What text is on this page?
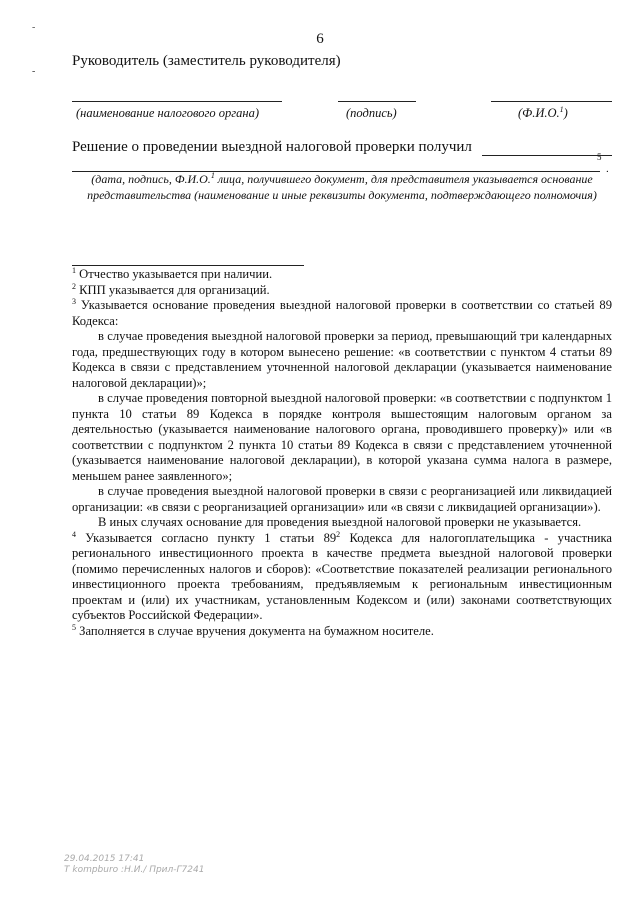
6
-
-
Руководитель (заместитель руководителя)
(наименование налогового органа)	(подпись)	(Ф.И.О.$^1$)
Решение о проведении выездной налоговой проверки получил
5
.
(дата, подпись, Ф.И.О.$^1$ лица, получившего документ, для представителя указывается основание представительства (наименование и иные реквизиты документа, подтверждающего полномочия)

$^1$ Отчество указывается при наличии.

$^2$ КПП указывается для организаций.

$^3$ Указывается основание проведения выездной налоговой проверки в соответствии со статьей 89 Кодекса:

в случае проведения выездной налоговой проверки за период, превышающий три календарных года, предшествующих году в котором вынесено решение: «в соответствии с пунктом 4 статьи 89 Кодекса в связи с представлением уточненной налоговой декларации (указывается наименование налоговой декларации)»;

в случае проведения повторной выездной налоговой проверки: «в соответствии с подпунктом 1 пункта 10 статьи 89 Кодекса в порядке контроля вышестоящим налоговым органом за деятельностью (указывается наименование налогового органа, проводившего проверку)» или «в соответствии с подпунктом 2 пункта 10 статьи 89 Кодекса в связи с представлением уточненной (указывается наименование налоговой декларации), в которой указана сумма налога в размере, меньшем ранее заявленного»;

в случае проведения выездной налоговой проверки в связи с реорганизацией или ликвидацией организации: «в связи с реорганизацией организации» или «в связи с ликвидацией организации»).

В иных случаях основание для проведения выездной налоговой проверки не указывается.

$^4$ Указывается согласно пункту 1 статьи $89^2$ Кодекса для налогоплательщика - участника регионального инвестиционного проекта в качестве предмета выездной налоговой проверки (помимо перечисленных налогов и сборов): «Соответствие показателей реализации регионального инвестиционного проекта требованиям, предъявляемым к региональным инвестиционным проектам и (или) их участникам, установленным Кодексом и (или) законами соответствующих субъектов Российской Федерации».

$^5$ Заполняется в случае вручения документа на бумажном носителе.

29.04.2015 17:41
Т kompburo :Н.И./ Прил-Г7241
